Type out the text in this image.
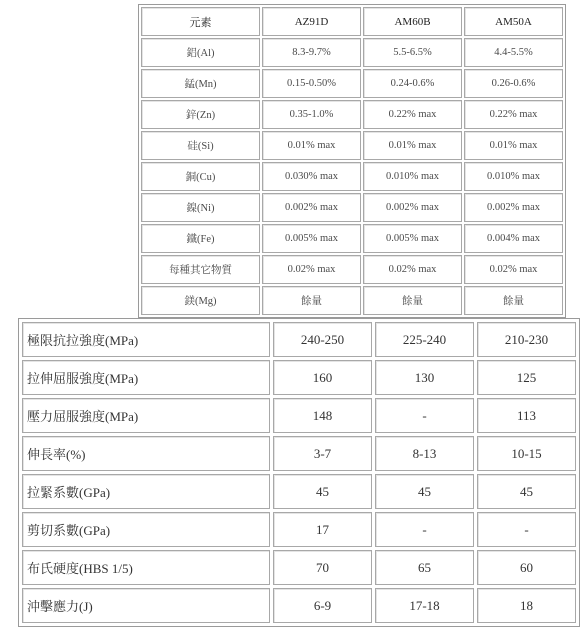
元素	AZ91D	AM60B	AM50A
鋁(Al)	8.3-9.7%	5.5-6.5%	4.4-5.5%
錳(Mn)	0.15-0.50%	0.24-0.6%	0.26-0.6%
鋅(Zn)	0.35-1.0%	0.22% max	0.22% max
硅(Si)	0.01% max	0.01% max	0.01% max
銅(Cu)	0.030% max	0.010% max	0.010% max
鎳(Ni)	0.002% max	0.002% max	0.002% max
鐵(Fe)	0.005% max	0.005% max	0.004% max
每種其它物質	0.02% max	0.02% max	0.02% max
鎂(Mg)	餘量	餘量	餘量
極限抗拉強度(MPa)	240-250	225-240	210-230
拉伸屈服強度(MPa)	160	130	125
壓力屈服強度(MPa)	148	-	113
伸長率(%)	3-7	8-13	10-15
拉緊系數(GPa)	45	45	45
剪切系數(GPa)	17	-	-
布氏硬度(HBS 1/5)	70	65	60
沖擊應力(J)	6-9	17-18	18
